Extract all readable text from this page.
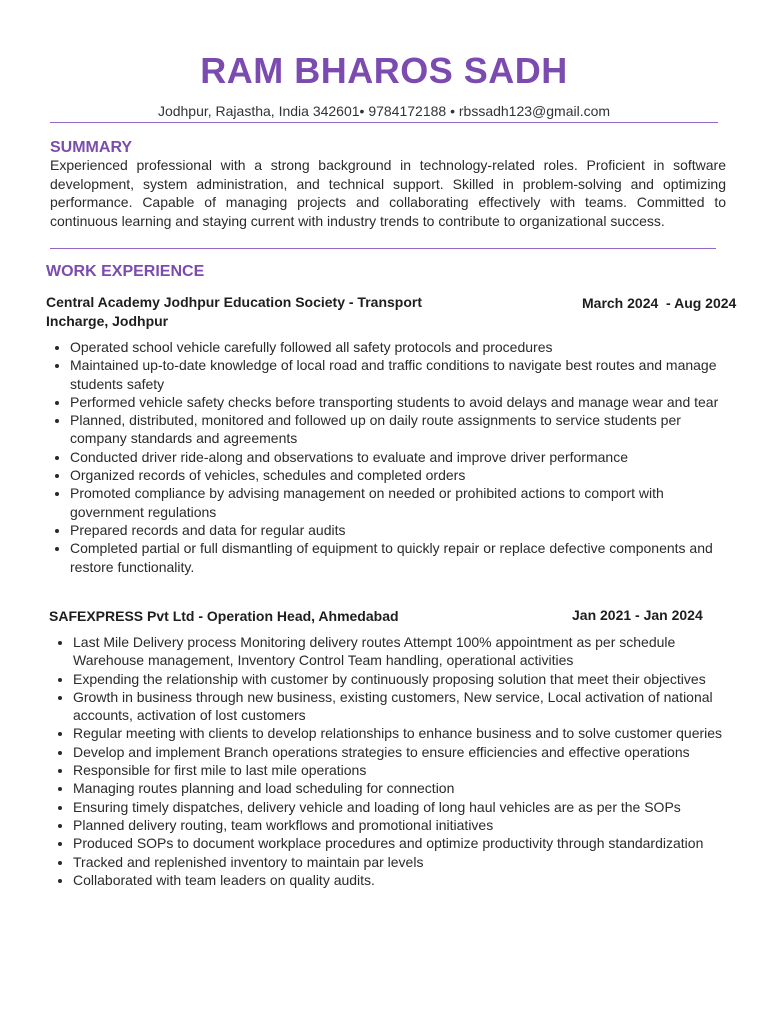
RAM BHAROS SADH
Jodhpur, Rajastha, India 342601• 9784172188 • rbssadh123@gmail.com
SUMMARY

Experienced professional with a strong background in technology-related roles. Proficient in software development, system administration, and technical support. Skilled in problem-solving and optimizing performance. Capable of managing projects and collaborating effectively with teams. Committed to continuous learning and staying current with industry trends to contribute to organizational success.

WORK EXPERIENCE
Central Academy Jodhpur Education Society - Transport Incharge, Jodhpur
March 2024  - Aug 2024
• Operated school vehicle carefully followed all safety protocols and procedures
• Maintained up-to-date knowledge of local road and traffic conditions to navigate best routes and manage students safety
• Performed vehicle safety checks before transporting students to avoid delays and manage wear and tear
• Planned, distributed, monitored and followed up on daily route assignments to service students per company standards and agreements
• Conducted driver ride-along and observations to evaluate and improve driver performance
• Organized records of vehicles, schedules and completed orders
• Promoted compliance by advising management on needed or prohibited actions to comport with government regulations
• Prepared records and data for regular audits
• Completed partial or full dismantling of equipment to quickly repair or replace defective components and restore functionality.
SAFEXPRESS Pvt Ltd - Operation Head, Ahmedabad	Jan 2021 - Jan 2024
• Last Mile Delivery process Monitoring delivery routes Attempt 100% appointment as per schedule Warehouse management, Inventory Control Team handling, operational activities
• Expending the relationship with customer by continuously proposing solution that meet their objectives
• Growth in business through new business, existing customers, New service, Local activation of national accounts, activation of lost customers
• Regular meeting with clients to develop relationships to enhance business and to solve customer queries
• Develop and implement Branch operations strategies to ensure efficiencies and effective operations
• Responsible for first mile to last mile operations
• Managing routes planning and load scheduling for connection
• Ensuring timely dispatches, delivery vehicle and loading of long haul vehicles are as per the SOPs
• Planned delivery routing, team workflows and promotional initiatives
• Produced SOPs to document workplace procedures and optimize productivity through standardization
• Tracked and replenished inventory to maintain par levels
• Collaborated with team leaders on quality audits.
